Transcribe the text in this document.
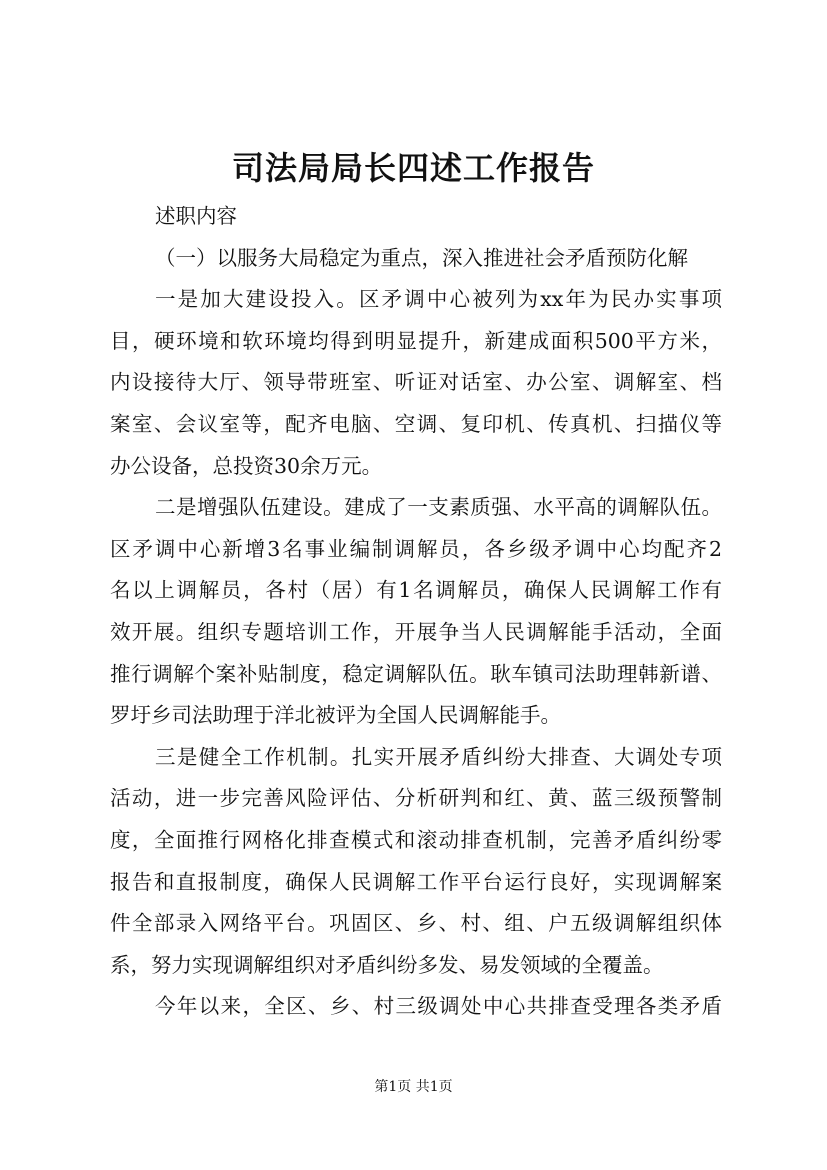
司法局局长四述工作报告
述职内容
（一）以服务大局稳定为重点，深入推进社会矛盾预防化解
一是加大建设投入。区矛调中心被列为xx年为民办实事项
目，硬环境和软环境均得到明显提升，新建成面积500平方米，
内设接待大厅、领导带班室、听证对话室、办公室、调解室、档
案室、会议室等，配齐电脑、空调、复印机、传真机、扫描仪等
办公设备，总投资30余万元。
二是增强队伍建设。建成了一支素质强、水平高的调解队伍。
区矛调中心新增3名事业编制调解员，各乡级矛调中心均配齐2
名以上调解员，各村（居）有1名调解员，确保人民调解工作有
效开展。组织专题培训工作，开展争当人民调解能手活动，全面
推行调解个案补贴制度，稳定调解队伍。耿车镇司法助理韩新谱、
罗圩乡司法助理于洋北被评为全国人民调解能手。
三是健全工作机制。扎实开展矛盾纠纷大排查、大调处专项
活动，进一步完善风险评估、分析研判和红、黄、蓝三级预警制
度，全面推行网格化排查模式和滚动排查机制，完善矛盾纠纷零
报告和直报制度，确保人民调解工作平台运行良好，实现调解案
件全部录入网络平台。巩固区、乡、村、组、户五级调解组织体
系，努力实现调解组织对矛盾纠纷多发、易发领域的全覆盖。
今年以来，全区、乡、村三级调处中心共排查受理各类矛盾
第1页 共1页
